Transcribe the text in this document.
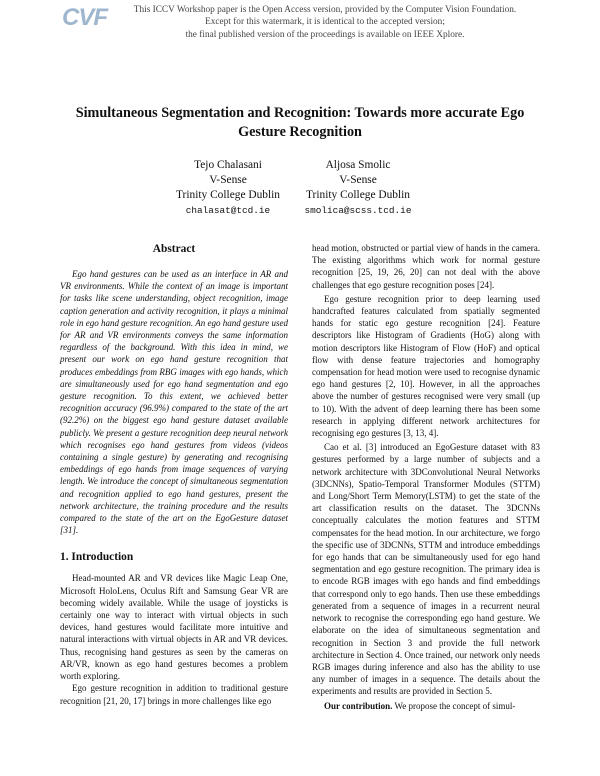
CVF	This ICCV Workshop paper is the Open Access version, provided by the Computer Vision Foundation.
Except for this watermark, it is identical to the accepted version;
the final published version of the proceedings is available on IEEE Xplore.
Simultaneous Segmentation and Recognition: Towards more accurate Ego
Gesture Recognition
Tejo Chalasani
V-Sense
Trinity College Dublin
chalasat@tcd.ie
Aljosa Smolic
V-Sense
Trinity College Dublin
smolica@scss.tcd.ie
Abstract

Ego hand gestures can be used as an interface in AR and VR environments. While the context of an image is important for tasks like scene understanding, object recognition, image caption generation and activity recognition, it plays a minimal role in ego hand gesture recognition. An ego hand gesture used for AR and VR environments conveys the same information regardless of the background. With this idea in mind, we present our work on ego hand gesture recognition that produces embeddings from RBG images with ego hands, which are simultaneously used for ego hand segmentation and ego gesture recognition. To this extent, we achieved better recognition accuracy (96.9%) compared to the state of the art (92.2%) on the biggest ego hand gesture dataset available publicly. We present a gesture recognition deep neural network which recognises ego hand gestures from videos (videos containing a single gesture) by generating and recognising embeddings of ego hands from image sequences of varying length. We introduce the concept of simultaneous segmentation and recognition applied to ego hand gestures, present the network architecture, the training procedure and the results compared to the state of the art on the EgoGesture dataset [31].

1. Introduction

Head-mounted AR and VR devices like Magic Leap One, Microsoft HoloLens, Oculus Rift and Samsung Gear VR are becoming widely available. While the usage of joysticks is certainly one way to interact with virtual objects in such devices, hand gestures would facilitate more intuitive and natural interactions with virtual objects in AR and VR devices. Thus, recognising hand gestures as seen by the cameras on AR/VR, known as ego hand gestures becomes a problem worth exploring.

Ego gesture recognition in addition to traditional gesture recognition [21, 20, 17] brings in more challenges like ego

head motion, obstructed or partial view of hands in the camera. The existing algorithms which work for normal gesture recognition [25, 19, 26, 20] can not deal with the above challenges that ego gesture recognition poses [24].

Ego gesture recognition prior to deep learning used handcrafted features calculated from spatially segmented hands for static ego gesture recognition [24]. Feature descriptors like Histogram of Gradients (HoG) along with motion descriptors like Histogram of Flow (HoF) and optical flow with dense feature trajectories and homography compensation for head motion were used to recognise dynamic ego hand gestures [2, 10]. However, in all the approaches above the number of gestures recognised were very small (up to 10). With the advent of deep learning there has been some research in applying different network architectures for recognising ego gestures [3, 13, 4].

Cao et al. [3] introduced an EgoGesture dataset with 83 gestures performed by a large number of subjects and a network architecture with 3DConvolutional Neural Networks (3DCNNs), Spatio-Temporal Transformer Modules (STTM) and Long/Short Term Memory(LSTM) to get the state of the art classification results on the dataset. The 3DCNNs conceptually calculates the motion features and STTM compensates for the head motion. In our architecture, we forgo the specific use of 3DCNNs, STTM and introduce embeddings for ego hands that can be simultaneously used for ego hand segmentation and ego gesture recognition. The primary idea is to encode RGB images with ego hands and find embeddings that correspond only to ego hands. Then use these embeddings generated from a sequence of images in a recurrent neural network to recognise the corresponding ego hand gesture. We elaborate on the idea of simultaneous segmentation and recognition in Section 3 and provide the full network architecture in Section 4. Once trained, our network only needs RGB images during inference and also has the ability to use any number of images in a sequence. The details about the experiments and results are provided in Section 5.

Our contribution. We propose the concept of simul-
